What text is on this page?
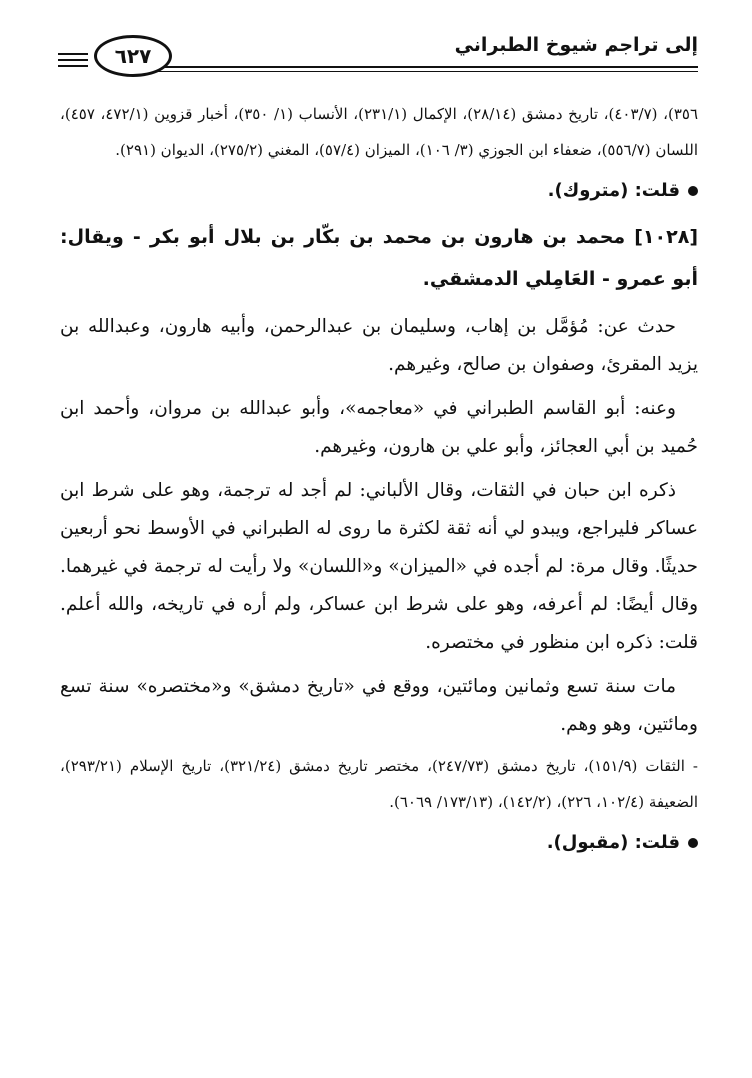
٦٢٧	إلى تراجم شيوخ الطبراني

٣٥٦)، (٤٠٣/٧)، تاريخ دمشق (٢٨/١٤)، الإكمال (٢٣١/١)، الأنساب (١/ ٣٥٠)، أخبار قزوين (٤٧٢/١، ٤٥٧)، اللسان (٥٥٦/٧)، ضعفاء ابن الجوزي (٣/ ١٠٦)، الميزان (٥٧/٤)، المغني (٢٧٥/٢)، الديوان (٢٩١).

قلت: (متروك).
[١٠٢٨] محمد بن هارون بن محمد بن بكّار بن بلال أبو بكر - ويقال: أبو عمرو - العَامِلي الدمشقي.

حدث عن: مُؤمَّل بن إهاب، وسليمان بن عبدالرحمن، وأبيه هارون، وعبدالله بن يزيد المقرئ، وصفوان بن صالح، وغيرهم.

وعنه: أبو القاسم الطبراني في «معاجمه»، وأبو عبدالله بن مروان، وأحمد ابن حُميد بن أبي العجائز، وأبو علي بن هارون، وغيرهم.

ذكره ابن حبان في الثقات، وقال الألباني: لم أجد له ترجمة، وهو على شرط ابن عساكر فليراجع، ويبدو لي أنه ثقة لكثرة ما روى له الطبراني في الأوسط نحو أربعين حديثًا. وقال مرة: لم أجده في «الميزان» و«اللسان» ولا رأيت له ترجمة في غيرهما. وقال أيضًا: لم أعرفه، وهو على شرط ابن عساكر، ولم أره في تاريخه، والله أعلم. قلت: ذكره ابن منظور في مختصره.

مات سنة تسع وثمانين ومائتين، ووقع في «تاريخ دمشق» و«مختصره» سنة تسع ومائتين، وهو وهم.

- الثقات (١٥١/٩)، تاريخ دمشق (٢٤٧/٧٣)، مختصر تاريخ دمشق (٣٢١/٢٤)، تاريخ الإسلام (٢٩٣/٢١)، الضعيفة (١٠٢/٤، ٢٢٦)، (١٤٢/٢)، (١٧٣/١٣/ ٦٠٦٩).

قلت: (مقبول).
